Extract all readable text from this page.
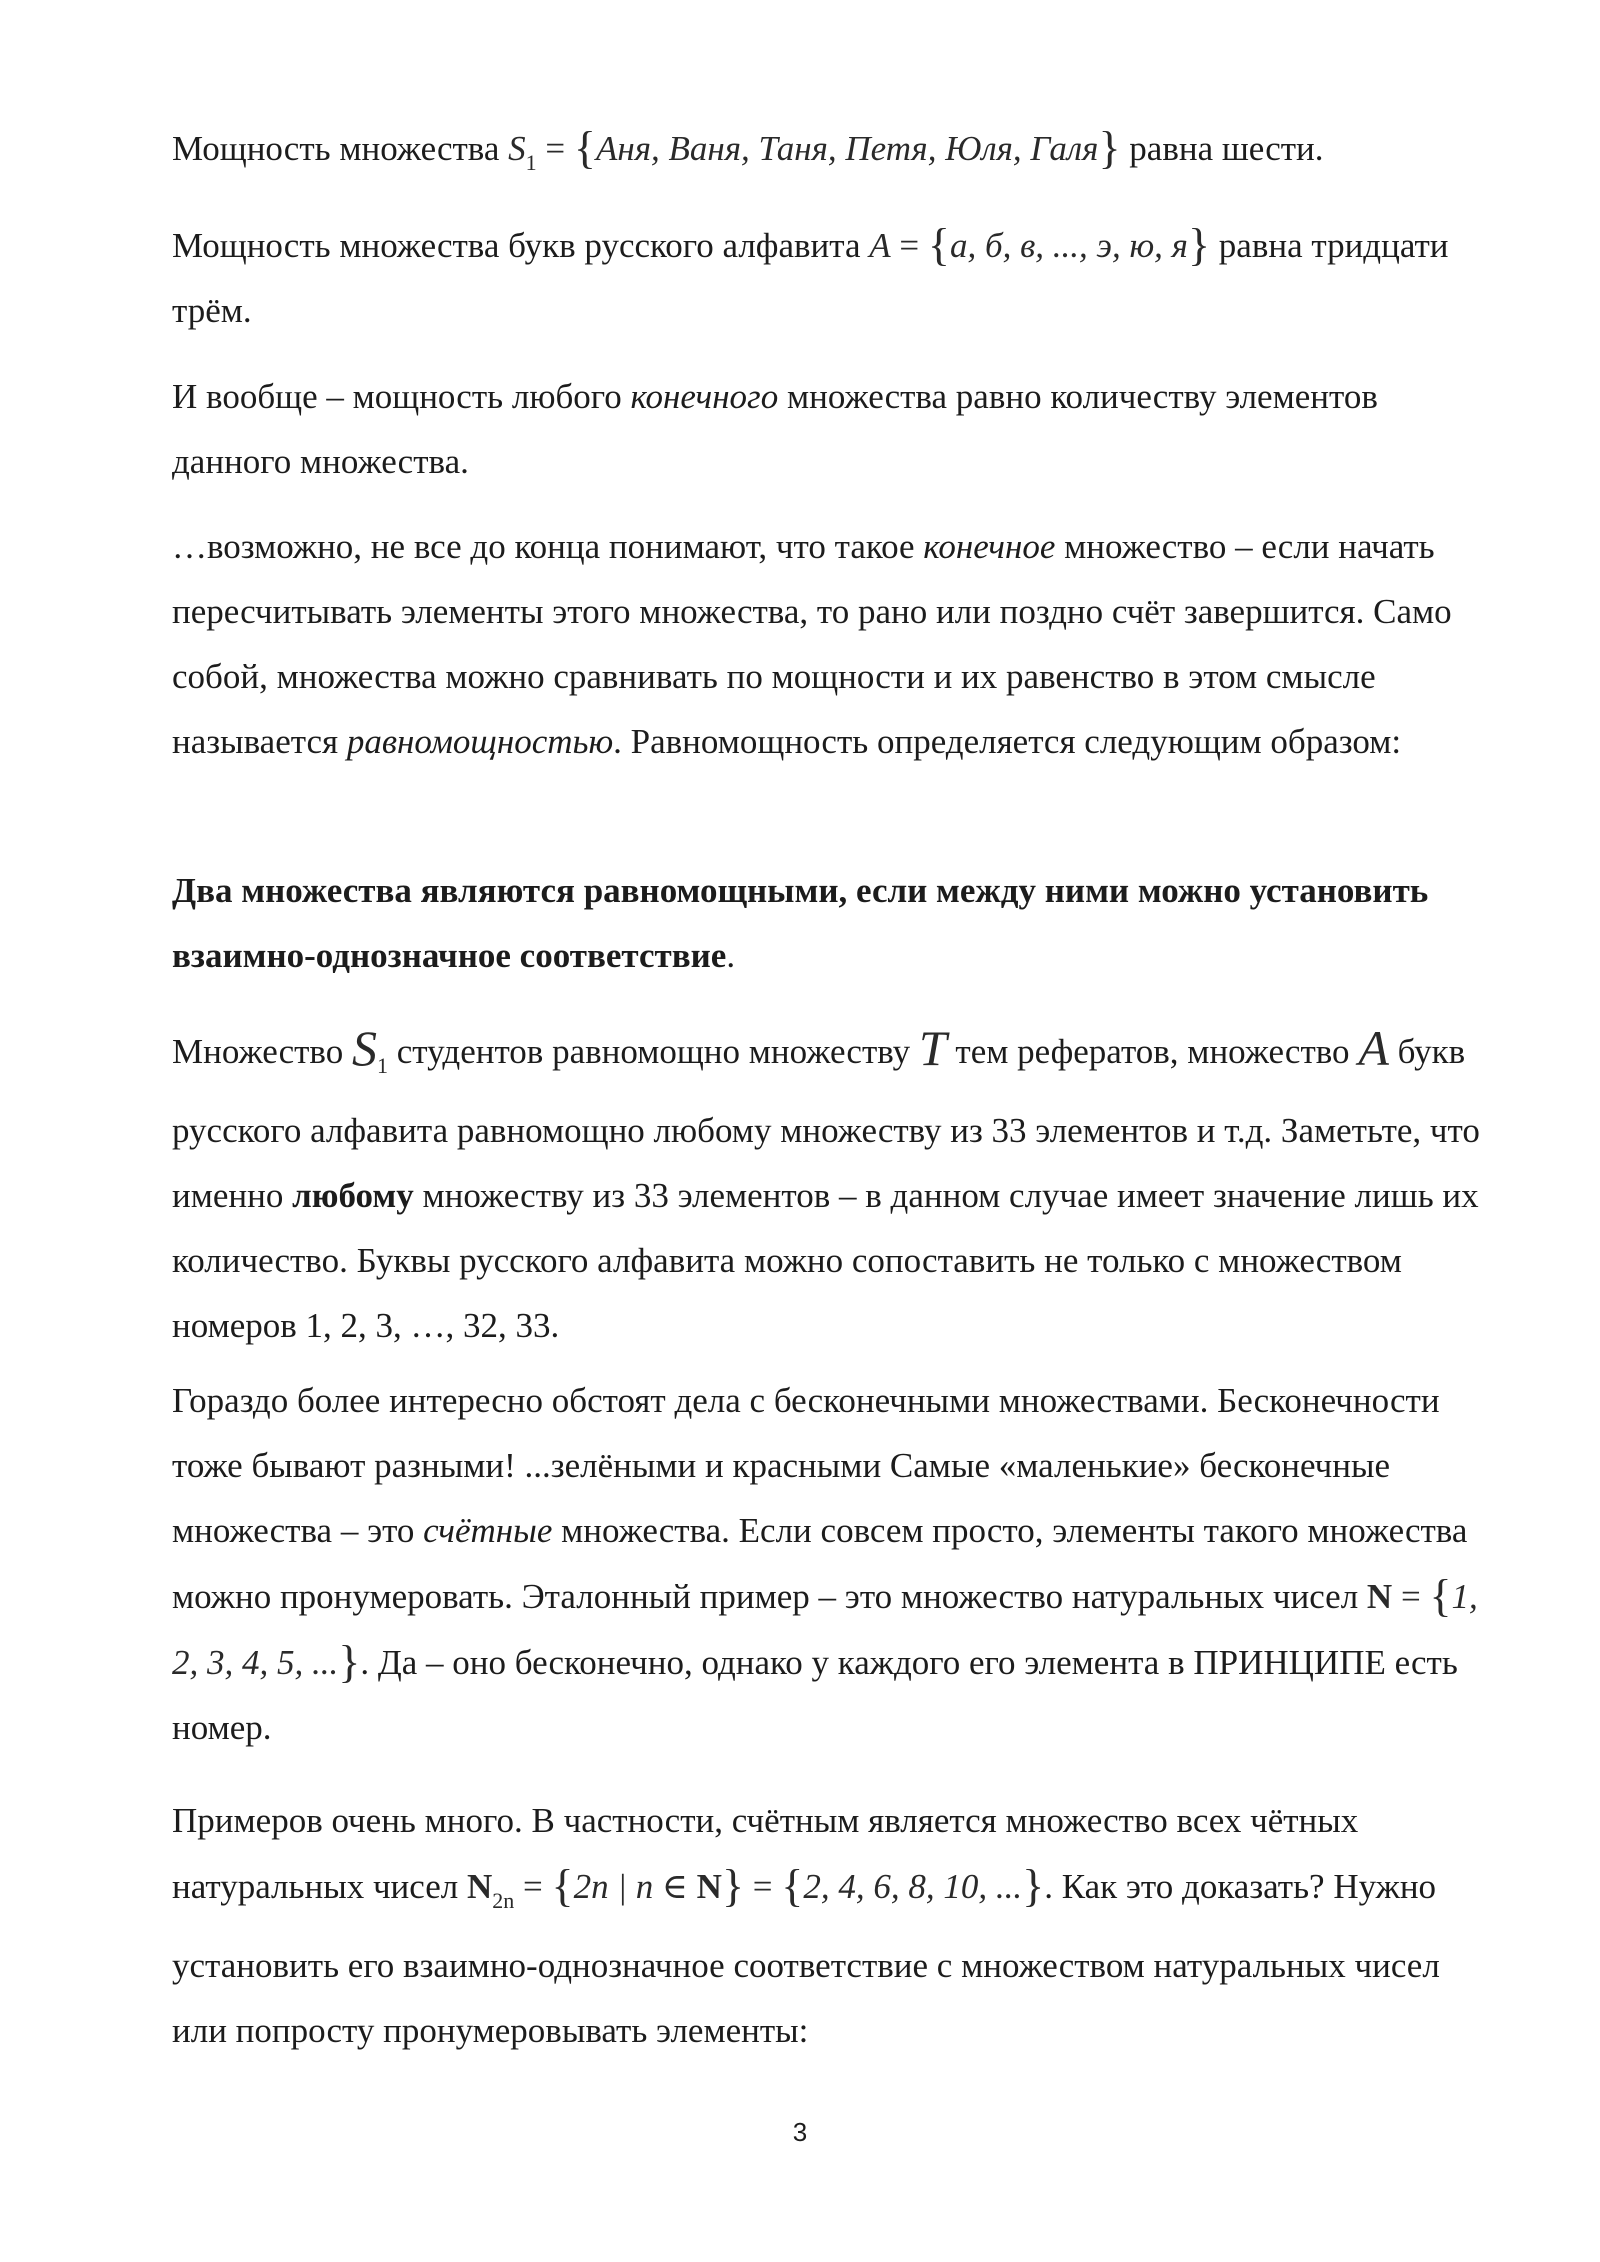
Мощность множества $S_1 = \{Аня$, Ваня, Таня, Петя, Юля, Галя} равна шести.

Мощность множества букв русского алфавита A = {а, б, в, ..., э, ю, я} равна тридцати трём.

И вообще – мощность любого конечного множества равно количеству элементов данного множества.

…возможно, не все до конца понимают, что такое конечное множество – если начать пересчитывать элементы этого множества, то рано или поздно счёт завершится. Само собой, множества можно сравнивать по мощности и их равенство в этом смысле называется равномощностью. Равномощность определяется следующим образом:

Два множества являются равномощными, если между ними можно установить взаимно-однозначное соответствие.

Множество $S_1$ студентов равномощно множеству T тем рефератов, множество A букв русского алфавита равномощно любому множеству из 33 элементов и т.д. Заметьте, что именно любому множеству из 33 элементов – в данном случае имеет значение лишь их количество. Буквы русского алфавита можно сопоставить не только с множеством номеров 1, 2, 3, …, 32, 33.

Гораздо более интересно обстоят дела с бесконечными множествами. Бесконечности тоже бывают разными! ...зелёными и красными Самые «маленькие» бесконечные множества – это счётные множества. Если совсем просто, элементы такого множества можно пронумеровать. Эталонный пример – это множество натуральных чисел N = {1, 2, 3, 4, 5, ...}. Да – оно бесконечно, однако у каждого его элемента в ПРИНЦИПЕ есть номер.

Примеров очень много. В частности, счётным является множество всех чётных натуральных чисел $N_{2n} = \{2n$ | n ∈ N} = {2, 4, 6, 8, 10, ...}. Как это доказать? Нужно установить его взаимно-однозначное соответствие с множеством натуральных чисел или попросту пронумеровывать элементы:

3
